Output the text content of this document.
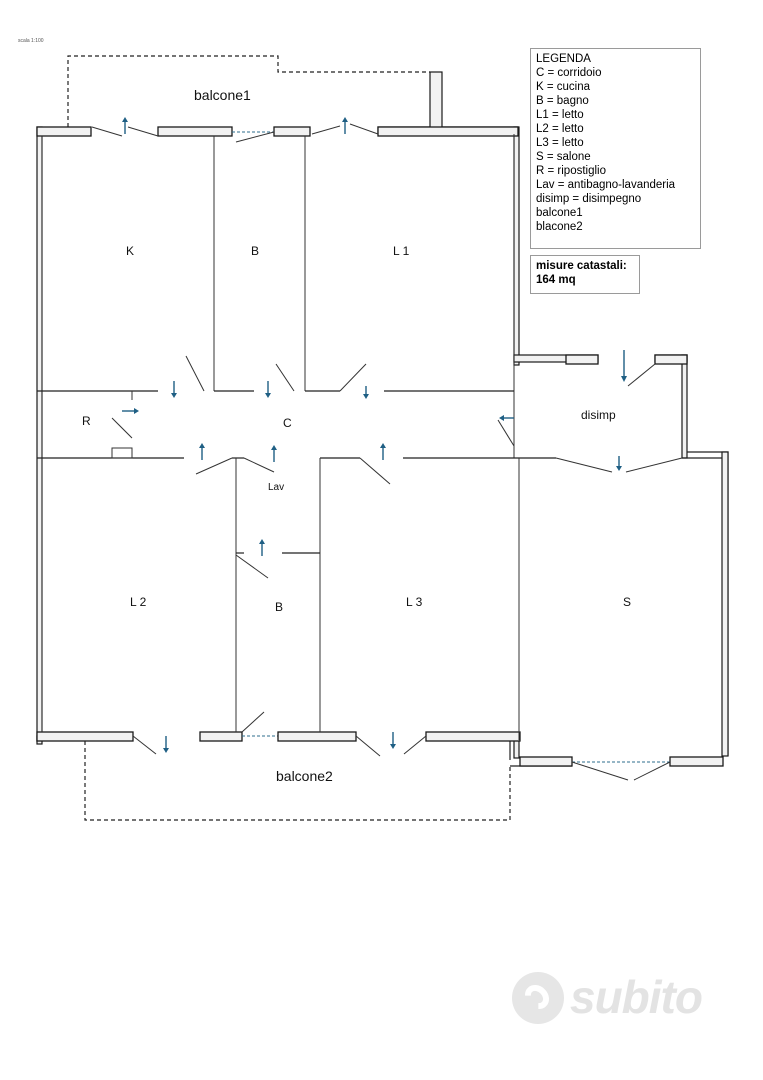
scala 1:100
balcone1
K	B	L 1
R	C
disimp
Lav
L 2	B	L 3	S
balcone2
LEGENDA
C = corridoio
K = cucina
B = bagno
L1 = letto
L2 = letto
L3 = letto
S = salone
R = ripostiglio
Lav = antibagno-lavanderia
disimp = disimpegno
balcone1
blacone2
misure catastali:
164 mq
subito
